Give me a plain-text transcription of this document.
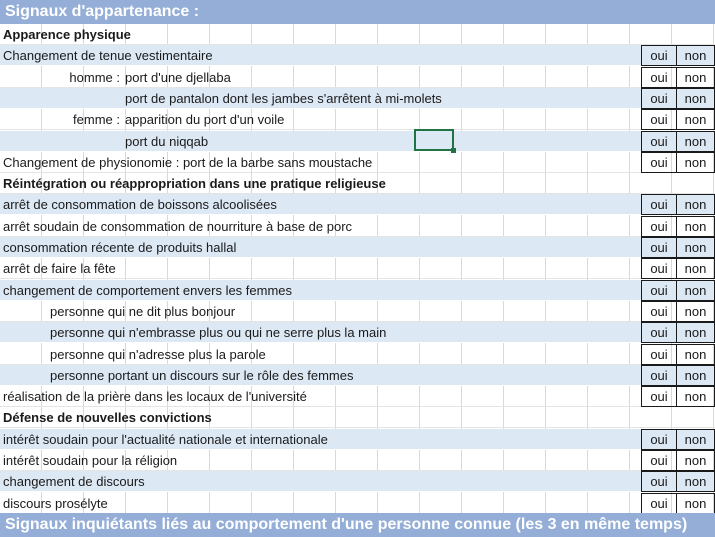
Signaux d'appartenance :
Apparence physique
Changement de tenue vestimentaire	oui	non
homme : port d'une djellaba	oui	non
port de pantalon dont les jambes s'arrêtent à mi-molets	oui	non
femme : apparition du port d'un voile	oui	non
port du niqqab	oui	non
Changement de physionomie : port de la barbe sans moustache	oui	non
Réintégration ou réappropriation dans une pratique religieuse
arrêt de consommation de boissons alcoolisées	oui	non
arrêt soudain de consommation de nourriture à base de porc	oui	non
consommation récente de produits hallal	oui	non
arrêt de faire la fête	oui	non
changement de comportement envers les femmes	oui	non
personne qui ne dit plus bonjour	oui	non
personne qui n'embrasse plus ou qui ne serre plus la main	oui	non
personne qui n'adresse plus la parole	oui	non
personne portant un discours sur le rôle des femmes	oui	non
réalisation de la prière dans les locaux de l'université	oui	non
Défense de nouvelles convictions
intérêt soudain pour l'actualité nationale et internationale	oui	non
intérêt soudain pour la réligion	oui	non
changement de discours	oui	non
discours prosélyte	oui	non
Signaux inquiétants liés au comportement d'une personne connue (les 3 en même temps)
